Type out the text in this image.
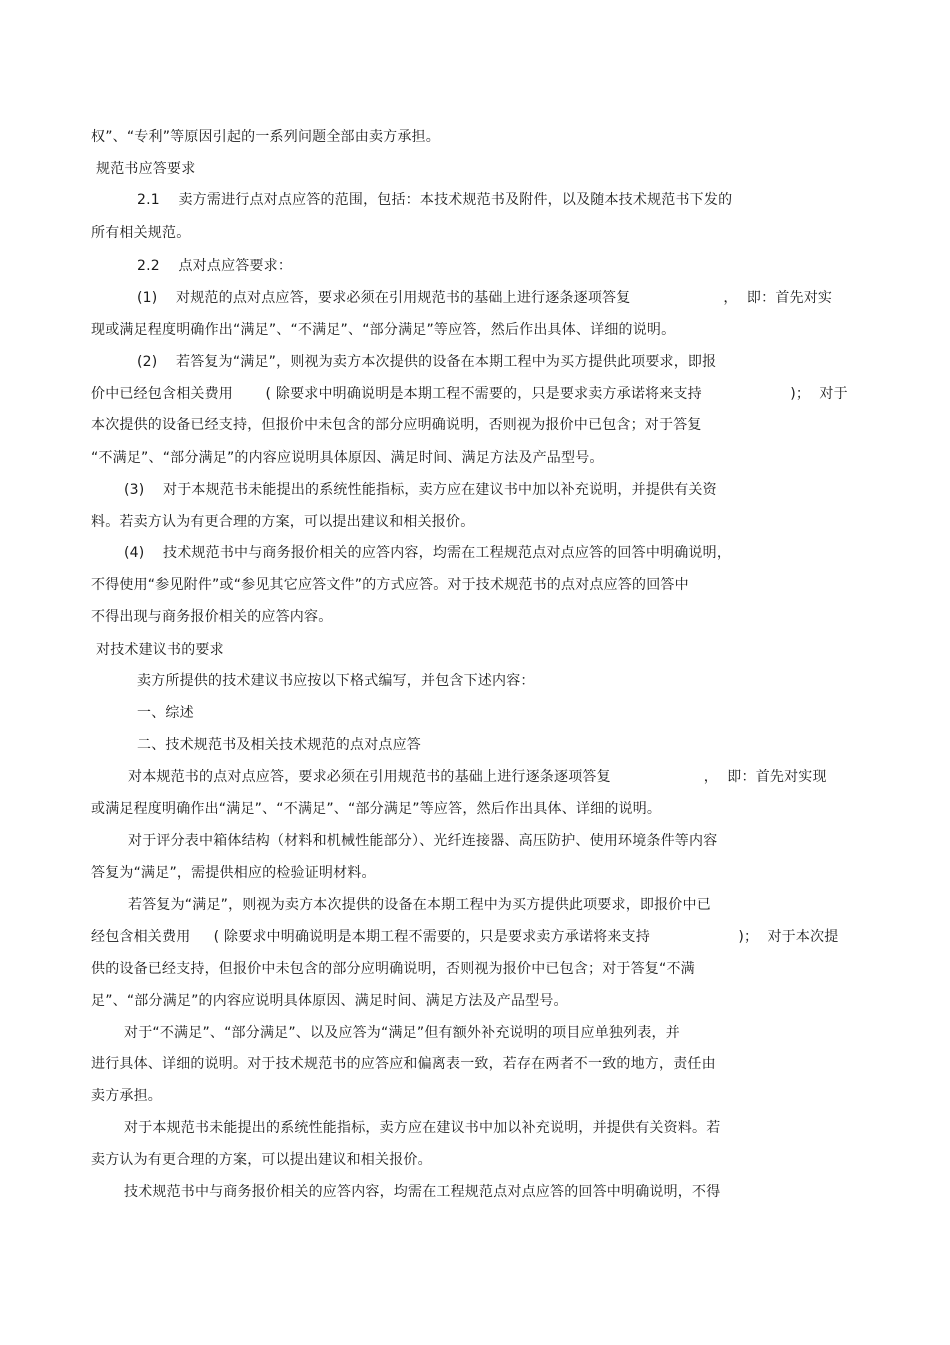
权”、“专利”等原因引起的一系列问题全部由卖方承担。
规范书应答要求
2.1    卖方需进行点对点应答的范围，包括：本技术规范书及附件，以及随本技术规范书下发的
所有相关规范。
2.2    点对点应答要求：
(1)    对规范的点对点应答，要求必须在引用规范书的基础上进行逐条逐项答复                    ，  即：首先对实
现或满足程度明确作出“满足”、“不满足”、“部分满足”等应答，然后作出具体、详细的说明。
(2)    若答复为“满足”，则视为卖方本次提供的设备在本期工程中为买方提供此项要求，即报
价中已经包含相关费用       ( 除要求中明确说明是本期工程不需要的，只是要求卖方承诺将来支持                   )；  对于
本次提供的设备已经支持，但报价中未包含的部分应明确说明，否则视为报价中已包含；对于答复
“不满足”、“部分满足”的内容应说明具体原因、满足时间、满足方法及产品型号。
(3)    对于本规范书未能提出的系统性能指标，卖方应在建议书中加以补充说明，并提供有关资
料。若卖方认为有更合理的方案，可以提出建议和相关报价。
(4)    技术规范书中与商务报价相关的应答内容，均需在工程规范点对点应答的回答中明确说明，
不得使用“参见附件”或“参见其它应答文件”的方式应答。对于技术规范书的点对点应答的回答中
不得出现与商务报价相关的应答内容。
对技术建议书的要求
卖方所提供的技术建议书应按以下格式编写，并包含下述内容：
一、综述
二、技术规范书及相关技术规范的点对点应答
对本规范书的点对点应答，要求必须在引用规范书的基础上进行逐条逐项答复                    ，  即：首先对实现
或满足程度明确作出“满足”、“不满足”、“部分满足”等应答，然后作出具体、详细的说明。
对于评分表中箱体结构（材料和机械性能部分）、光纤连接器、高压防护、使用环境条件等内容
答复为“满足”，需提供相应的检验证明材料。
若答复为“满足”，则视为卖方本次提供的设备在本期工程中为买方提供此项要求，即报价中已
经包含相关费用     ( 除要求中明确说明是本期工程不需要的，只是要求卖方承诺将来支持                   )；  对于本次提
供的设备已经支持，但报价中未包含的部分应明确说明，否则视为报价中已包含；对于答复“不满
足”、“部分满足”的内容应说明具体原因、满足时间、满足方法及产品型号。
对于“不满足”、“部分满足”、以及应答为“满足”但有额外补充说明的项目应单独列表，并
进行具体、详细的说明。对于技术规范书的应答应和偏离表一致，若存在两者不一致的地方，责任由
卖方承担。
对于本规范书未能提出的系统性能指标，卖方应在建议书中加以补充说明，并提供有关资料。若
卖方认为有更合理的方案，可以提出建议和相关报价。
技术规范书中与商务报价相关的应答内容，均需在工程规范点对点应答的回答中明确说明，不得
